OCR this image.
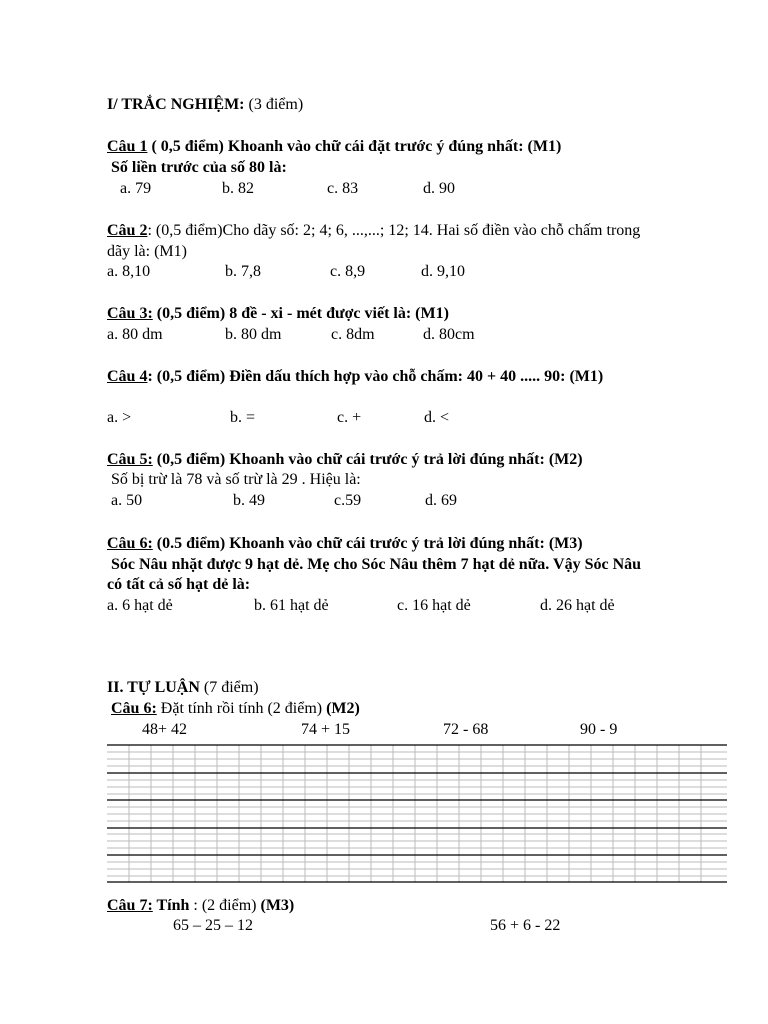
I/ TRẮC NGHIỆM: (3 điểm)
Câu 1 ( 0,5 điểm) Khoanh vào chữ cái đặt trước ý đúng nhất: (M1)
Số liền trước của số 80 là:
a. 79	b. 82	c. 83	d. 90
Câu 2: (0,5 điểm)Cho dãy số: 2; 4; 6, ...,...; 12; 14. Hai số điền vào chỗ chấm trong
dãy là: (M1)
a. 8,10	b. 7,8	c. 8,9	d. 9,10
Câu 3: (0,5 điểm) 8 đề - xi - mét được viết là: (M1)
a. 80 dm	b. 80 dm	c. 8dm	d. 80cm
Câu 4: (0,5 điểm) Điền dấu thích hợp vào chỗ chấm: 40 + 40 ..... 90: (M1)
a. >	b. =	c. +	d. <
Câu 5: (0,5 điểm) Khoanh vào chữ cái trước ý trả lời đúng nhất: (M2)
Số bị trừ là 78 và số trừ là 29 . Hiệu là:
a. 50	b. 49	c.59	d. 69
Câu 6: (0.5 điểm) Khoanh vào chữ cái trước ý trả lời đúng nhất: (M3)
Sóc Nâu nhặt được 9 hạt dẻ. Mẹ cho Sóc Nâu thêm 7 hạt dẻ nữa. Vậy Sóc Nâu
có tất cả số hạt dẻ là:
a. 6 hạt dẻ	b. 61 hạt dẻ	c. 16 hạt dẻ	d. 26 hạt dẻ
II. TỰ LUẬN (7 điểm)
Câu 6: Đặt tính rồi tính (2 điểm) (M2)
48+ 42	74 + 15	72 - 68	90 - 9
Câu 7: Tính : (2 điểm) (M3)
65 – 25 – 12	56 + 6 - 22
